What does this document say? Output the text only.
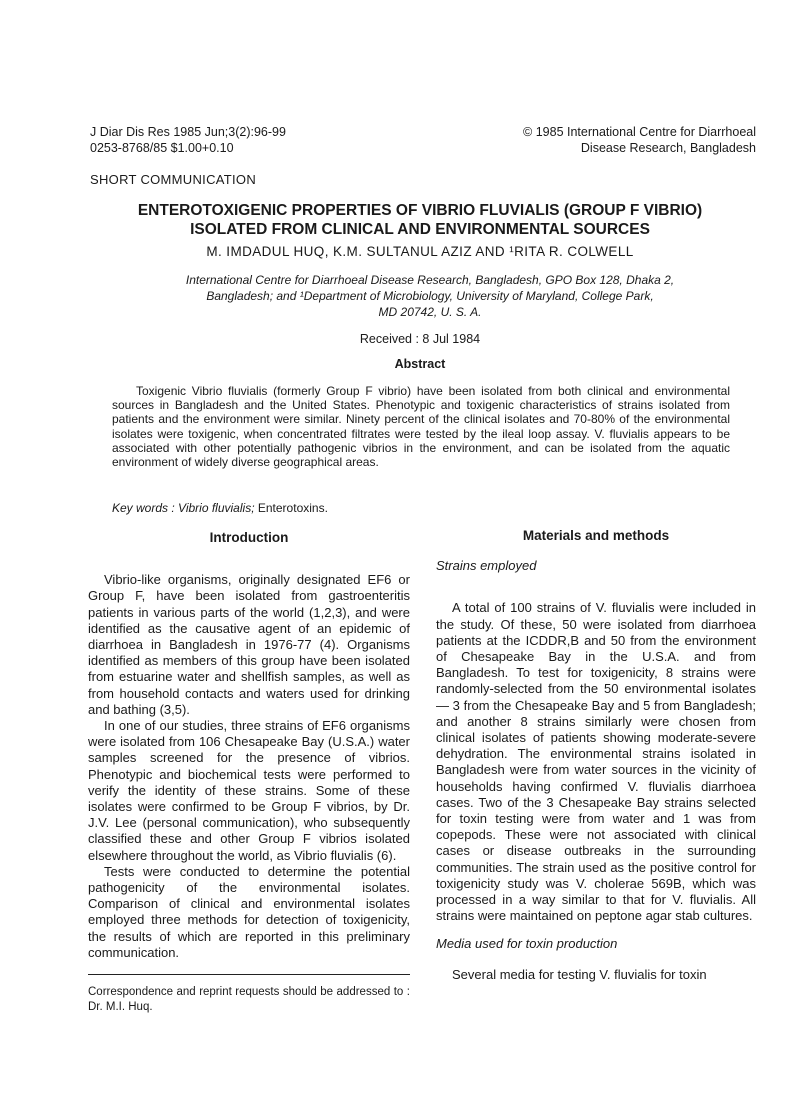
J Diar Dis Res 1985 Jun;3(2):96-99
0253-8768/85 $1.00+0.10
© 1985 International Centre for Diarrhoeal
Disease Research, Bangladesh
SHORT COMMUNICATION
ENTEROTOXIGENIC PROPERTIES OF VIBRIO FLUVIALIS (GROUP F VIBRIO)
ISOLATED FROM CLINICAL AND ENVIRONMENTAL SOURCES
M. IMDADUL HUQ, K.M. SULTANUL AZIZ AND ¹RITA R. COLWELL
International Centre for Diarrhoeal Disease Research, Bangladesh, GPO Box 128, Dhaka 2,
Bangladesh; and ¹Department of Microbiology, University of Maryland, College Park,
MD 20742, U. S. A.
Received : 8 Jul 1984
Abstract

Toxigenic Vibrio fluvialis (formerly Group F vibrio) have been isolated from both clinical and environmental sources in Bangladesh and the United States. Phenotypic and toxigenic characteristics of strains isolated from patients and the environment were similar. Ninety percent of the clinical isolates and 70-80% of the environmental isolates were toxigenic, when concentrated filtrates were tested by the ileal loop assay. V. fluvialis appears to be associated with other potentially pathogenic vibrios in the environment, and can be isolated from the aquatic environment of widely diverse geographical areas.

Key words : Vibrio fluvialis; Enterotoxins.
Introduction

Vibrio-like organisms, originally designated EF6 or Group F, have been isolated from gastroenteritis patients in various parts of the world (1,2,3), and were identified as the causative agent of an epidemic of diarrhoea in Bangladesh in 1976-77 (4). Organisms identified as members of this group have been isolated from estuarine water and shellfish samples, as well as from household contacts and waters used for drinking and bathing (3,5).

In one of our studies, three strains of EF6 organisms were isolated from 106 Chesapeake Bay (U.S.A.) water samples screened for the presence of vibrios. Phenotypic and biochemical tests were performed to verify the identity of these strains. Some of these isolates were confirmed to be Group F vibrios, by Dr. J.V. Lee (personal communication), who subsequently classified these and other Group F vibrios isolated elsewhere throughout the world, as Vibrio fluvialis (6).

Tests were conducted to determine the potential pathogenicity of the environmental isolates. Comparison of clinical and environmental isolates employed three methods for detection of toxigenicity, the results of which are reported in this preliminary communication.

Correspondence and reprint requests should be addressed to : Dr. M.I. Huq.

Materials and methods
Strains employed

A total of 100 strains of V. fluvialis were included in the study. Of these, 50 were isolated from diarrhoea patients at the ICDDR,B and 50 from the environment of Chesapeake Bay in the U.S.A. and from Bangladesh. To test for toxigenicity, 8 strains were randomly-selected from the 50 environmental isolates — 3 from the Chesapeake Bay and 5 from Bangladesh; and another 8 strains similarly were chosen from clinical isolates of patients showing moderate-severe dehydration. The environmental strains isolated in Bangladesh were from water sources in the vicinity of households having confirmed V. fluvialis diarrhoea cases. Two of the 3 Chesapeake Bay strains selected for toxin testing were from water and 1 was from copepods. These were not associated with clinical cases or disease outbreaks in the surrounding communities. The strain used as the positive control for toxigenicity study was V. cholerae 569B, which was processed in a way similar to that for V. fluvialis. All strains were maintained on peptone agar stab cultures.

Media used for toxin production

Several media for testing V. fluvialis for toxin
